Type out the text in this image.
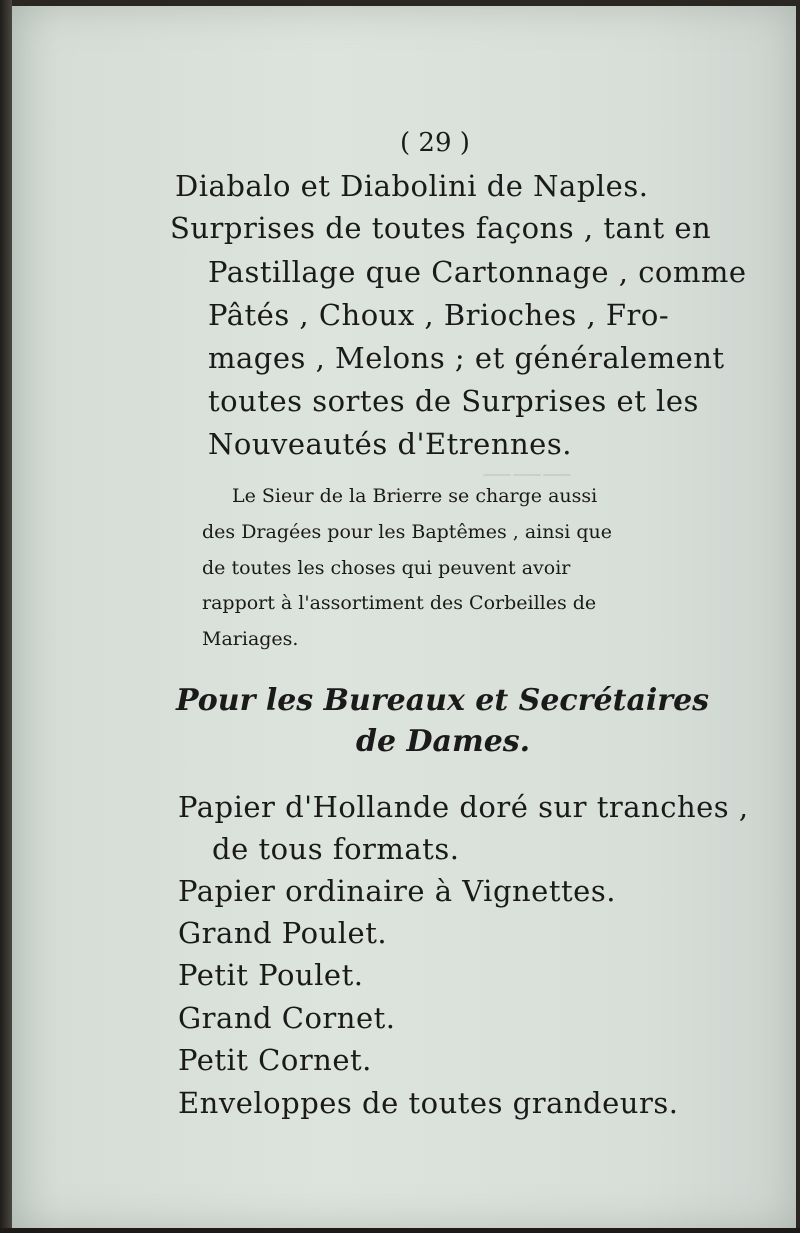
———
( 29 )
Diabalo et Diabolini de Naples.
Surprises de toutes façons , tant en
Pastillage que Cartonnage , comme
Pâtés , Choux , Brioches , Fro-
mages , Melons ; et généralement
toutes sortes de Surprises et les
Nouveautés d'Etrennes.
Le Sieur de la Brierre se charge aussi
des Dragées pour les Baptêmes , ainsi que
de toutes les choses qui peuvent avoir
rapport à l'assortiment des Corbeilles de
Mariages.
Pour les Bureaux et Secrétaires
de Dames.
Papier d'Hollande doré sur tranches ,
de tous formats.
Papier ordinaire à Vignettes.
Grand Poulet.
Petit Poulet.
Grand Cornet.
Petit Cornet.
Enveloppes de toutes grandeurs.
